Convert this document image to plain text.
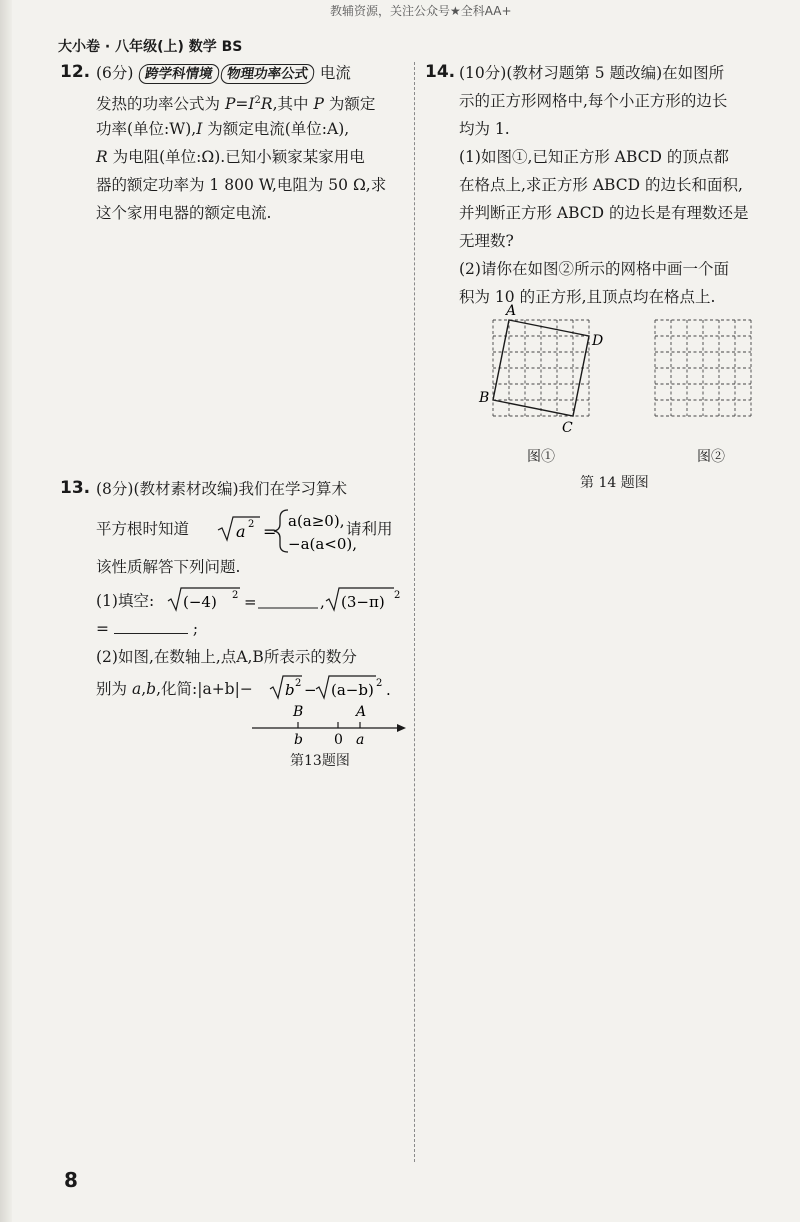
教辅资源，关注公众号★全科AA+
大小卷 · 八年级(上) 数学 BS
12. (6分) 跨学科情境 物理功率公式 电流
发热的功率公式为 $P=I^2R$,其中 P 为额定
功率(单位:W),I 为额定电流(单位:A),
R 为电阻(单位:Ω).已知小颖家某家用电
器的额定功率为 1 800 W,电阻为 50 Ω,求
这个家用电器的额定电流.
13. (8分)(教材素材改编)我们在学习算术
平方根时知道	a 2 =
a(a≥0),
−a(a<0),
请利用
该性质解答下列问题.
(1)填空: (−4) 2 =	, (3−π) 2
=	;
(2)如图,在数轴上,点A,B所表示的数分
别为 a,b,化简:|a+b|− b 2 − (a−b) 2 .
B	A
b 0 a
第13题图
14. (10分)(教材习题第 5 题改编)在如图所
示的正方形网格中,每个小正方形的边长
均为 1.
(1)如图①,已知正方形 ABCD 的顶点都
在格点上,求正方形 ABCD 的边长和面积,
并判断正方形 ABCD 的边长是有理数还是
无理数?
(2)请你在如图②所示的网格中画一个面
积为 10 的正方形,且顶点均在格点上.
A
D
B
C
图①	图②
第 14 题图
8
